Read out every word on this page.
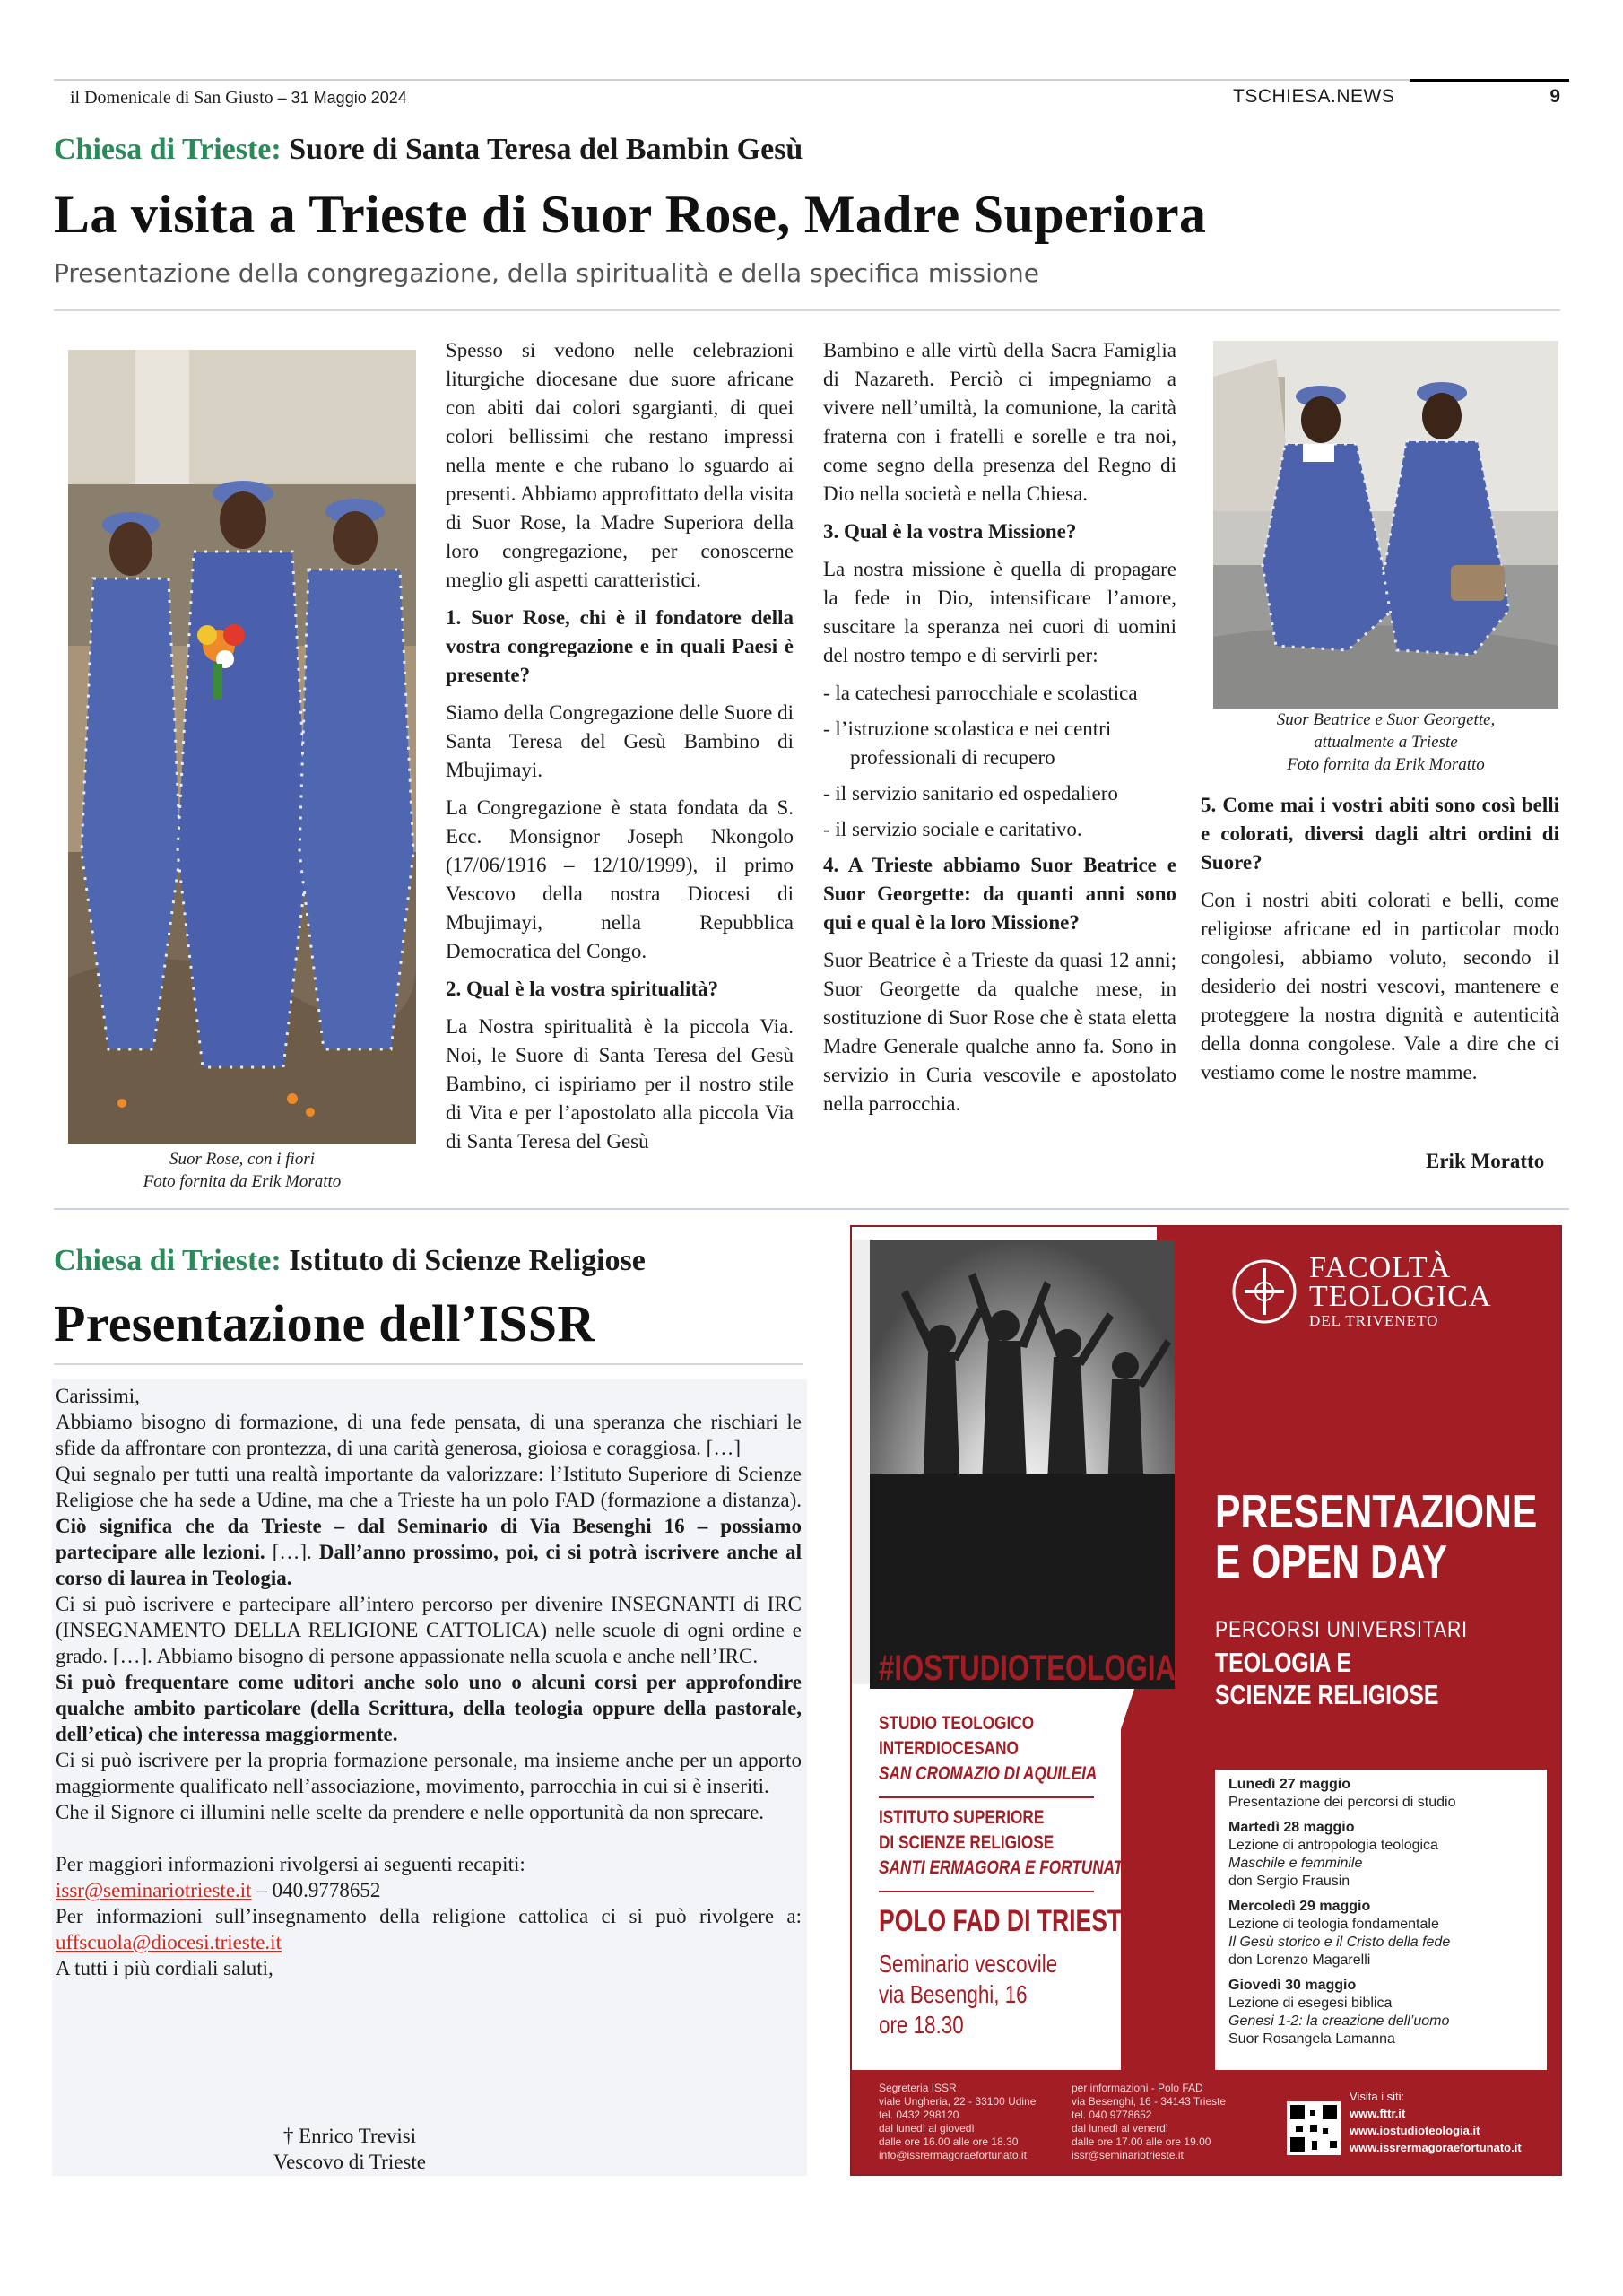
il Domenicale di San Giusto – 31 Maggio 2024	TSCHIESA.NEWS	9
Chiesa di Trieste: Suore di Santa Teresa del Bambin Gesù
La visita a Trieste di Suor Rose, Madre Superiora
Presentazione della congregazione, della spiritualità e della specifica missione
Suor Rose, con i fiori
Foto fornita da Erik Moratto

Spesso si vedono nelle celebrazioni liturgiche diocesane due suore africane con abiti dai colori sgargianti, di quei colori bellissimi che restano impressi nella mente e che rubano lo sguardo ai presenti. Abbiamo approfittato della visita di Suor Rose, la Madre Superiora della loro congregazione, per conoscerne meglio gli aspetti caratteristici.

1. Suor Rose, chi è il fondatore della vostra congregazione e in quali Paesi è presente?

Siamo della Congregazione delle Suore di Santa Teresa del Gesù Bambino di Mbujimayi.

La Congregazione è stata fondata da S. Ecc. Monsignor Joseph Nkongolo (17/06/1916 – 12/10/1999), il primo Vescovo della nostra Diocesi di Mbujimayi, nella Repubblica Democratica del Congo.

2. Qual è la vostra spiritualità?

La Nostra spiritualità è la piccola Via. Noi, le Suore di Santa Teresa del Gesù Bambino, ci ispiriamo per il nostro stile di Vita e per l’apostolato alla piccola Via di Santa Teresa del Gesù

Bambino e alle virtù della Sacra Famiglia di Nazareth. Perciò ci impegniamo a vivere nell’umiltà, la comunione, la carità fraterna con i fratelli e sorelle e tra noi, come segno della presenza del Regno di Dio nella società e nella Chiesa.

3. Qual è la vostra Missione?

La nostra missione è quella di propagare la fede in Dio, intensificare l’amore, suscitare la speranza nei cuori di uomini del nostro tempo e di servirli per:

- la catechesi parrocchiale e scolastica

- l’istruzione scolastica e nei centri

professionali di recupero

- il servizio sanitario ed ospedaliero

- il servizio sociale e caritativo.

4. A Trieste abbiamo Suor Beatrice e Suor Georgette: da quanti anni sono qui e qual è la loro Missione?

Suor Beatrice è a Trieste da quasi 12 anni; Suor Georgette da qualche mese, in sostituzione di Suor Rose che è stata eletta Madre Generale qualche anno fa. Sono in servizio in Curia vescovile e apostolato nella parrocchia.

Suor Beatrice e Suor Georgette,
attualmente a Trieste
Foto fornita da Erik Moratto

5. Come mai i vostri abiti sono così belli e colorati, diversi dagli altri ordini di Suore?

Con i nostri abiti colorati e belli, come religiose africane ed in particolar modo congolesi, abbiamo voluto, secondo il desiderio dei nostri vescovi, mantenere e proteggere la nostra dignità e autenticità della donna congolese. Vale a dire che ci vestiamo come le nostre mamme.

Erik Moratto
Chiesa di Trieste: Istituto di Scienze Religiose
Presentazione dell’ISSR

Carissimi,

Abbiamo bisogno di formazione, di una fede pensata, di una speranza che rischiari le sfide da affrontare con prontezza, di una carità generosa, gioiosa e coraggiosa. […]

Qui segnalo per tutti una realtà importante da valorizzare: l’Istituto Superiore di Scienze Religiose che ha sede a Udine, ma che a Trieste ha un polo FAD (formazione a distanza). Ciò significa che da Trieste – dal Seminario di Via Besenghi 16 – possiamo partecipare alle lezioni. […]. Dall’anno prossimo, poi, ci si potrà iscrivere anche al corso di laurea in Teologia.

Ci si può iscrivere e partecipare all’intero percorso per divenire INSEGNANTI di IRC (INSEGNAMENTO DELLA RELIGIONE CATTOLICA) nelle scuole di ogni ordine e grado. […]. Abbiamo bisogno di persone appassionate nella scuola e anche nell’IRC.

Si può frequentare come uditori anche solo uno o alcuni corsi per approfondire qualche ambito particolare (della Scrittura, della teologia oppure della pastorale, dell’etica) che interessa maggiormente.

Ci si può iscrivere per la propria formazione personale, ma insieme anche per un apporto maggiormente qualificato nell’associazione, movimento, parrocchia in cui si è inseriti.

Che il Signore ci illumini nelle scelte da prendere e nelle opportunità da non sprecare.

Per maggiori informazioni rivolgersi ai seguenti recapiti:

issr@seminariotrieste.it – 040.9778652

Per informazioni sull’insegnamento della religione cattolica ci si può rivolgere a: uffscuola@diocesi.trieste.it

A tutti i più cordiali saluti,

† Enrico Trevisi
Vescovo di Trieste
FACOLTÀ
TEOLOGICA
DEL TRIVENETO
PRESENTAZIONE
E OPEN DAY
PERCORSI UNIVERSITARI
TEOLOGIA E
SCIENZE RELIGIOSE
#IOSTUDIOTEOLOGIA
STUDIO TEOLOGICO
INTERDIOCESANO
SAN CROMAZIO DI AQUILEIA
ISTITUTO SUPERIORE
DI SCIENZE RELIGIOSE
SANTI ERMAGORA E FORTUNATO
POLO FAD DI TRIESTE
Seminario vescovile
via Besenghi, 16
ore 18.30
Lunedì 27 maggio
Presentazione dei percorsi di studio
Martedì 28 maggio
Lezione di antropologia teologica
Maschile e femminile
don Sergio Frausin
Mercoledì 29 maggio
Lezione di teologia fondamentale
Il Gesù storico e il Cristo della fede
don Lorenzo Magarelli
Giovedì 30 maggio
Lezione di esegesi biblica
Genesi 1-2: la creazione dell’uomo
Suor Rosangela Lamanna
Segreteria ISSR
viale Ungheria, 22 - 33100 Udine
tel. 0432 298120
dal lunedì al giovedì
dalle ore 16.00 alle ore 18.30
info@issrermagoraefortunato.it
per informazioni - Polo FAD
via Besenghi, 16 - 34143 Trieste
tel. 040 9778652
dal lunedì al venerdì
dalle ore 17.00 alle ore 19.00
issr@seminariotrieste.it
Visita i siti:
www.fttr.it
www.iostudioteologia.it
www.issrermagoraefortunato.it
